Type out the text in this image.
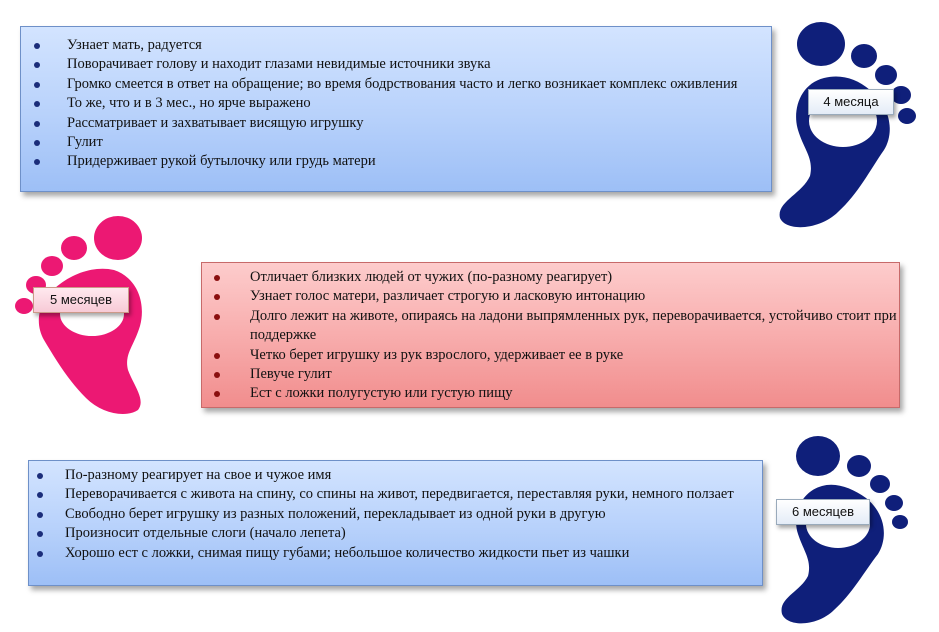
4 месяца
5 месяцев
6 месяцев
Узнает мать, радуется
Поворачивает голову и находит глазами невидимые источники звука
Громко смеется в ответ на обращение; во время бодрствования часто и легко возникает комплекс оживления
То же, что и в 3 мес., но ярче выражено
Рассматривает и захватывает висящую игрушку
Гулит
Придерживает рукой бутылочку или грудь матери
Отличает близких людей от чужих (по-разному реагирует)
Узнает голос матери, различает строгую и ласковую интонацию
Долго лежит на животе, опираясь на ладони выпрямленных рук, переворачивается, устойчиво стоит при поддержке
Четко берет игрушку из рук взрослого, удерживает ее в руке
Певуче гулит
Ест с ложки полугустую или густую пищу
По-разному реагирует на свое и чужое имя
Переворачивается с живота на спину, со спины на живот, передвигается, переставляя руки, немного ползает
Свободно берет игрушку из разных положений, перекладывает из одной руки в другую
Произносит отдельные слоги (начало лепета)
Хорошо ест с ложки, снимая пищу губами; небольшое количество жидкости пьет из чашки
